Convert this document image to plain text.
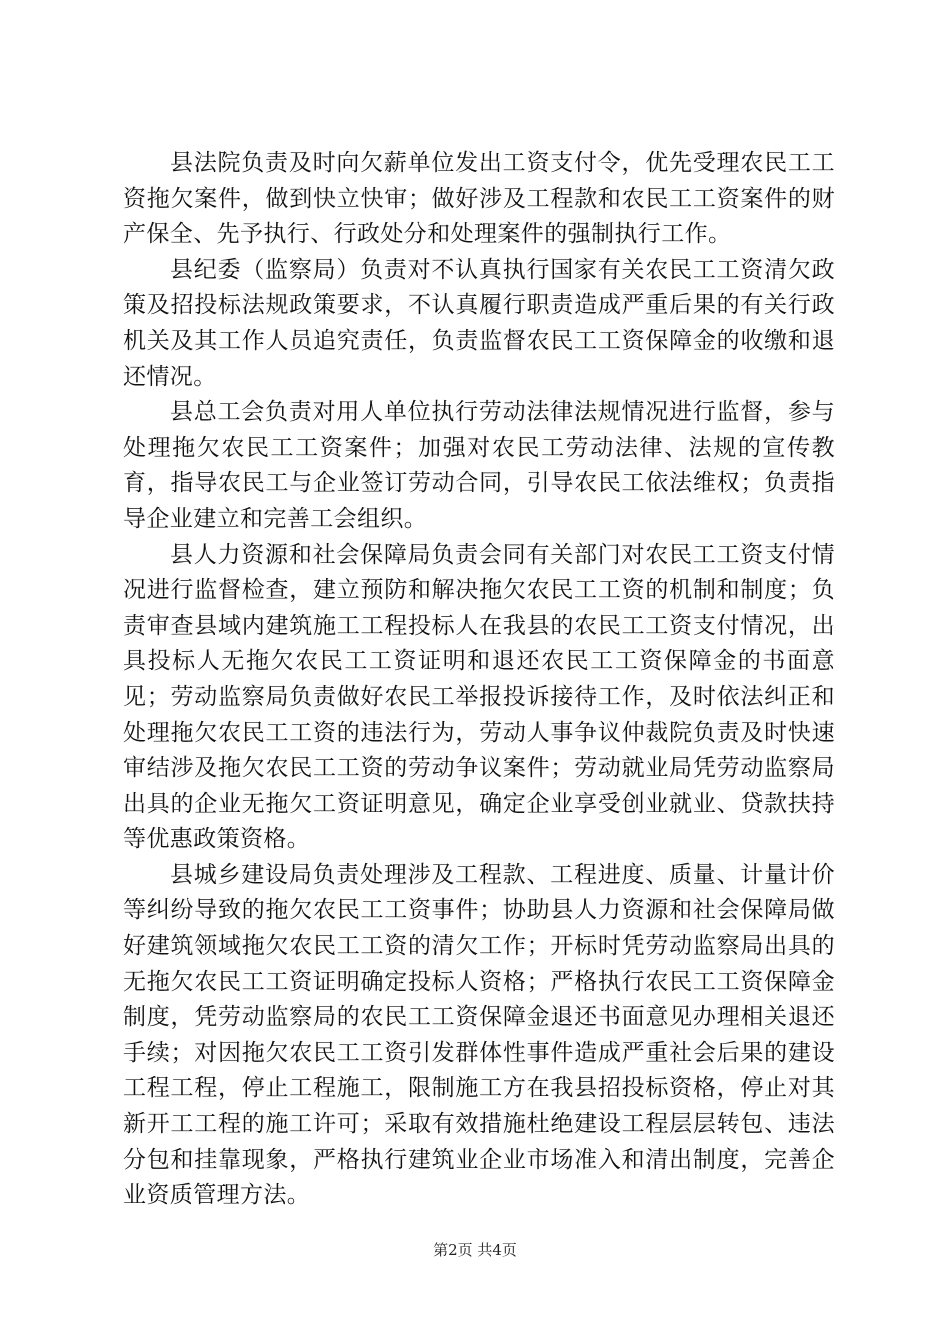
县法院负责及时向欠薪单位发出工资支付令，优先受理农民工工资拖欠案件，做到快立快审；做好涉及工程款和农民工工资案件的财产保全、先予执行、行政处分和处理案件的强制执行工作。

县纪委（监察局）负责对不认真执行国家有关农民工工资清欠政策及招投标法规政策要求，不认真履行职责造成严重后果的有关行政机关及其工作人员追究责任，负责监督农民工工资保障金的收缴和退还情况。

县总工会负责对用人单位执行劳动法律法规情况进行监督，参与处理拖欠农民工工资案件；加强对农民工劳动法律、法规的宣传教育，指导农民工与企业签订劳动合同，引导农民工依法维权；负责指导企业建立和完善工会组织。

县人力资源和社会保障局负责会同有关部门对农民工工资支付情况进行监督检查，建立预防和解决拖欠农民工工资的机制和制度；负责审查县域内建筑施工工程投标人在我县的农民工工资支付情况，出具投标人无拖欠农民工工资证明和退还农民工工资保障金的书面意见；劳动监察局负责做好农民工举报投诉接待工作，及时依法纠正和处理拖欠农民工工资的违法行为，劳动人事争议仲裁院负责及时快速审结涉及拖欠农民工工资的劳动争议案件；劳动就业局凭劳动监察局出具的企业无拖欠工资证明意见，确定企业享受创业就业、贷款扶持等优惠政策资格。

县城乡建设局负责处理涉及工程款、工程进度、质量、计量计价等纠纷导致的拖欠农民工工资事件；协助县人力资源和社会保障局做好建筑领域拖欠农民工工资的清欠工作；开标时凭劳动监察局出具的无拖欠农民工工资证明确定投标人资格；严格执行农民工工资保障金制度，凭劳动监察局的农民工工资保障金退还书面意见办理相关退还手续；对因拖欠农民工工资引发群体性事件造成严重社会后果的建设工程工程，停止工程施工，限制施工方在我县招投标资格，停止对其新开工工程的施工许可；采取有效措施杜绝建设工程层层转包、违法分包和挂靠现象，严格执行建筑业企业市场准入和清出制度，完善企业资质管理方法。

第2页 共4页
